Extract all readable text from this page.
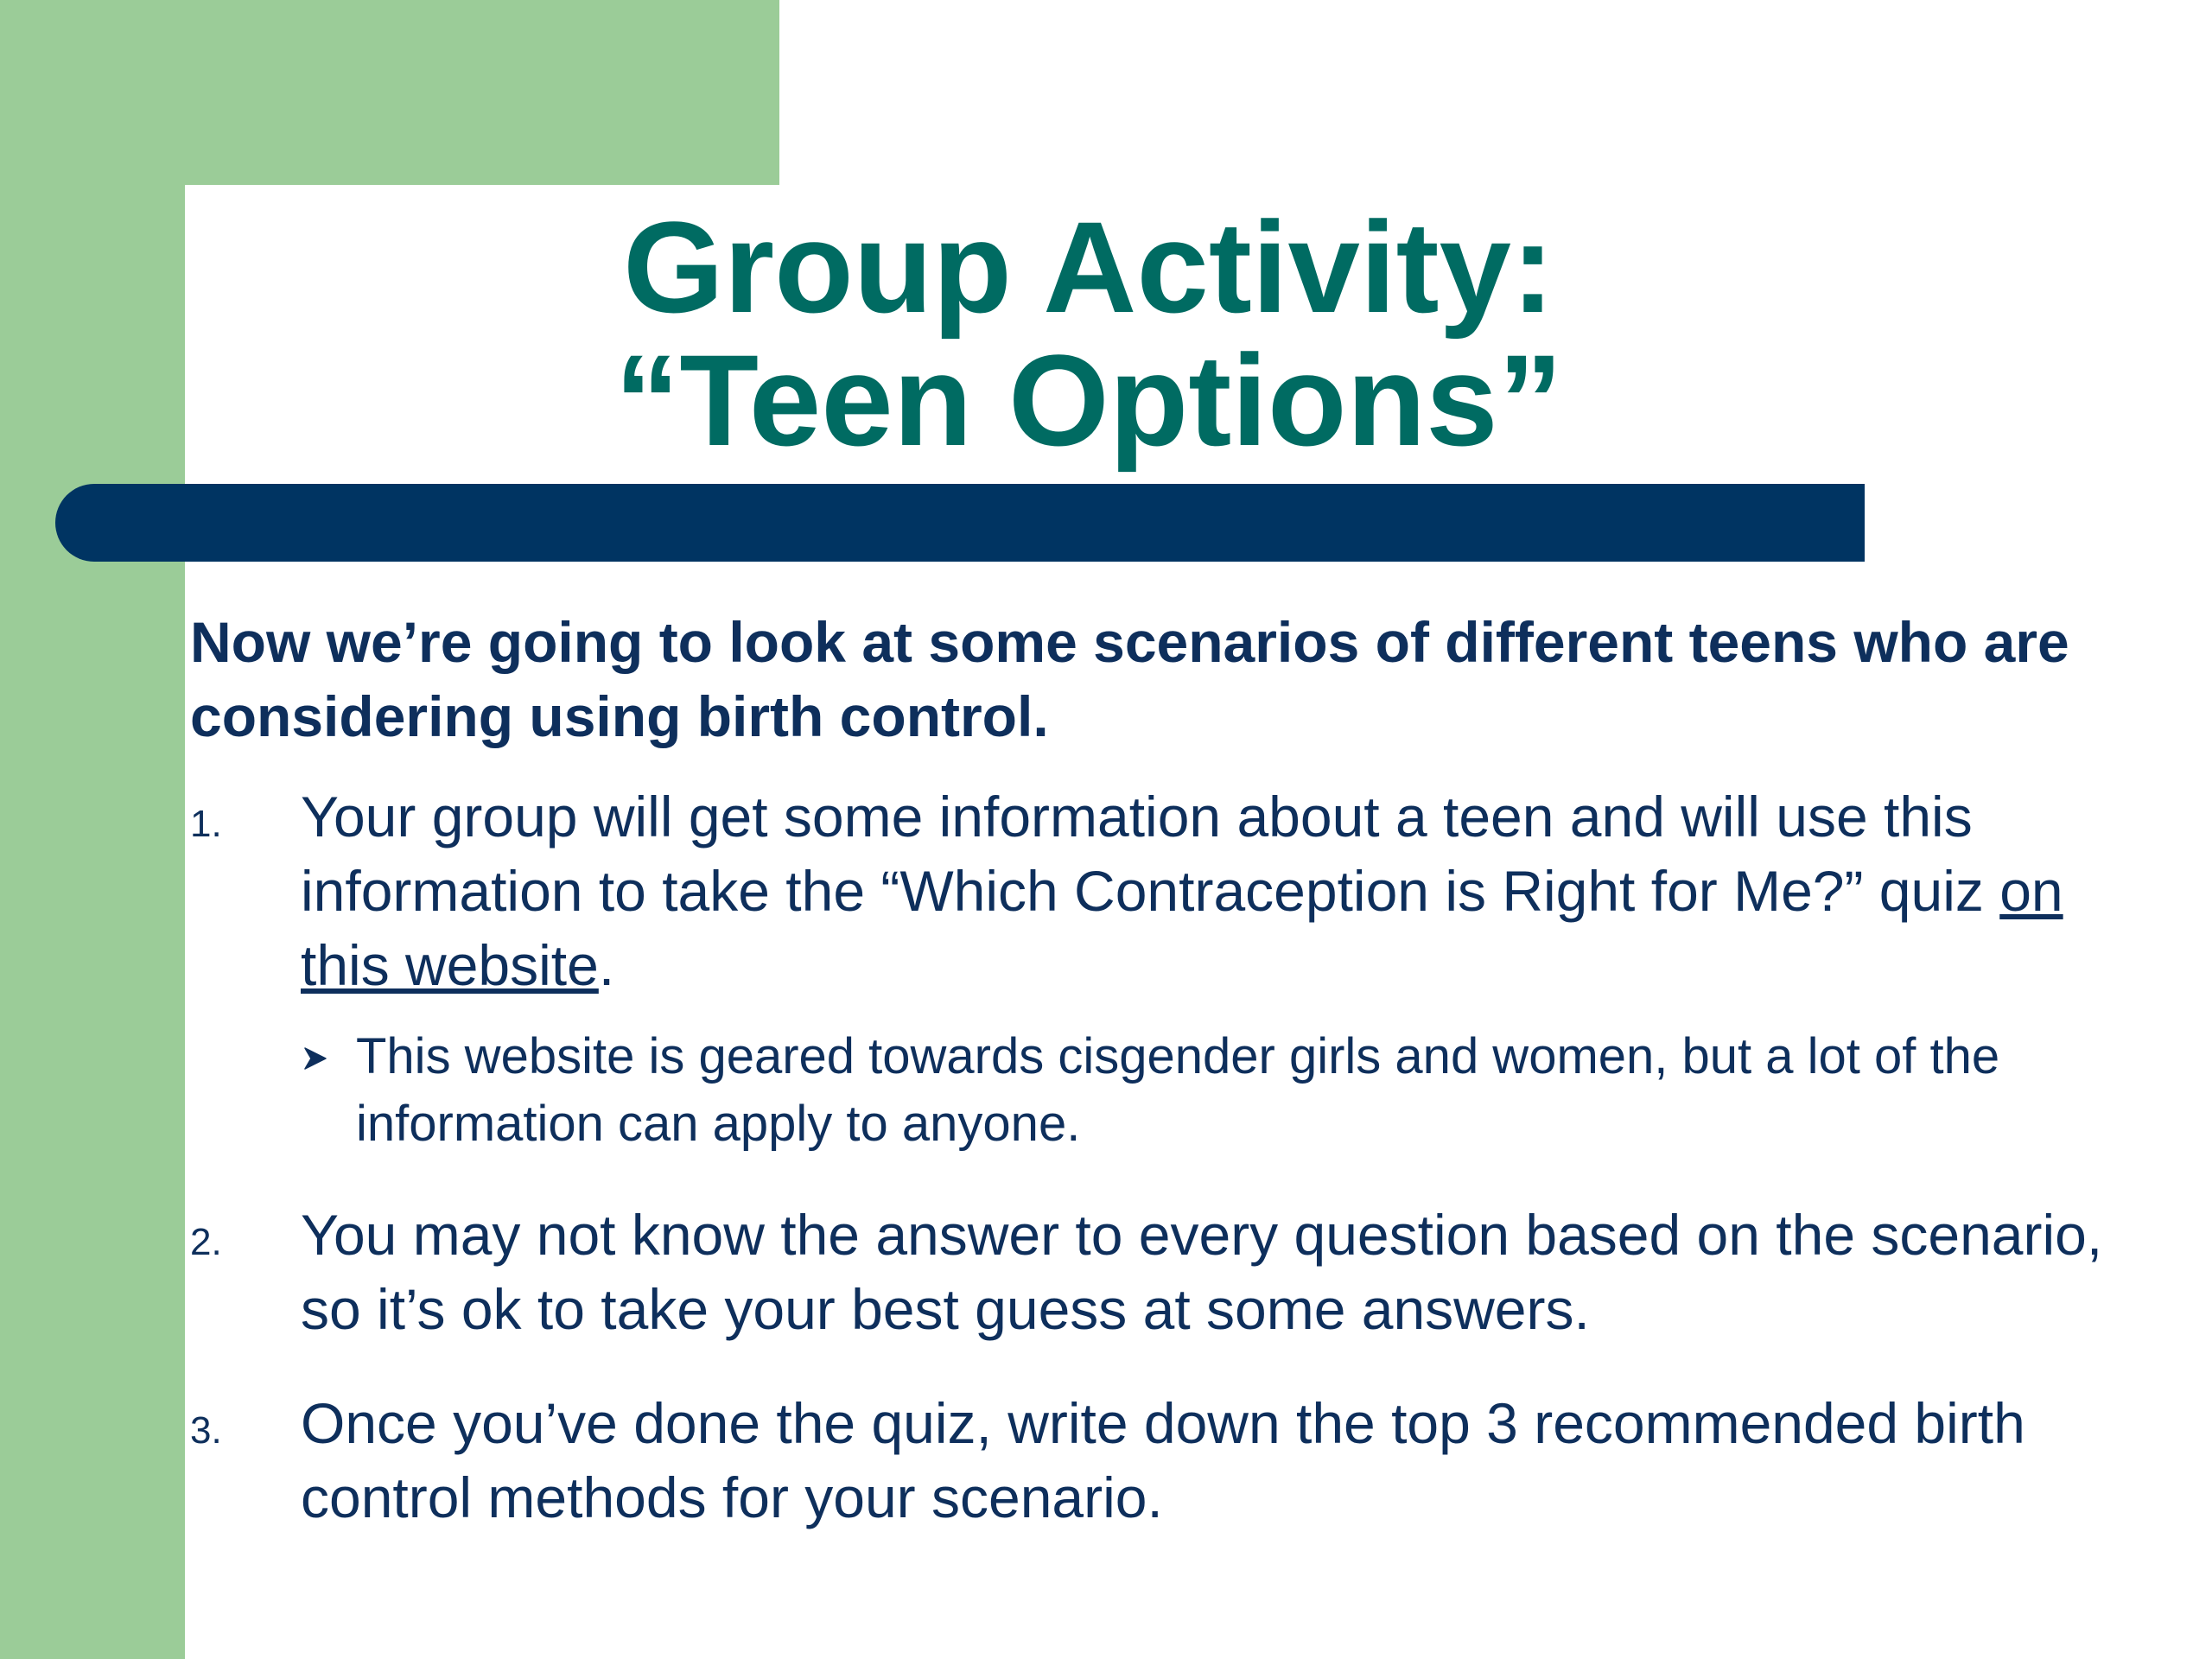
Group Activity:
“Teen Options”

Now we’re going to look at some scenarios of different teens who are considering using birth control.

1. Your group will get some information about a teen and will use this information to take the “Which Contraception is Right for Me?” quiz on this website.
This website is geared towards cisgender girls and women, but a lot of the information can apply to anyone.
2. You may not know the answer to every question based on the scenario, so it’s ok to take your best guess at some answers.
3. Once you’ve done the quiz, write down the top 3 recommended birth control methods for your scenario.
